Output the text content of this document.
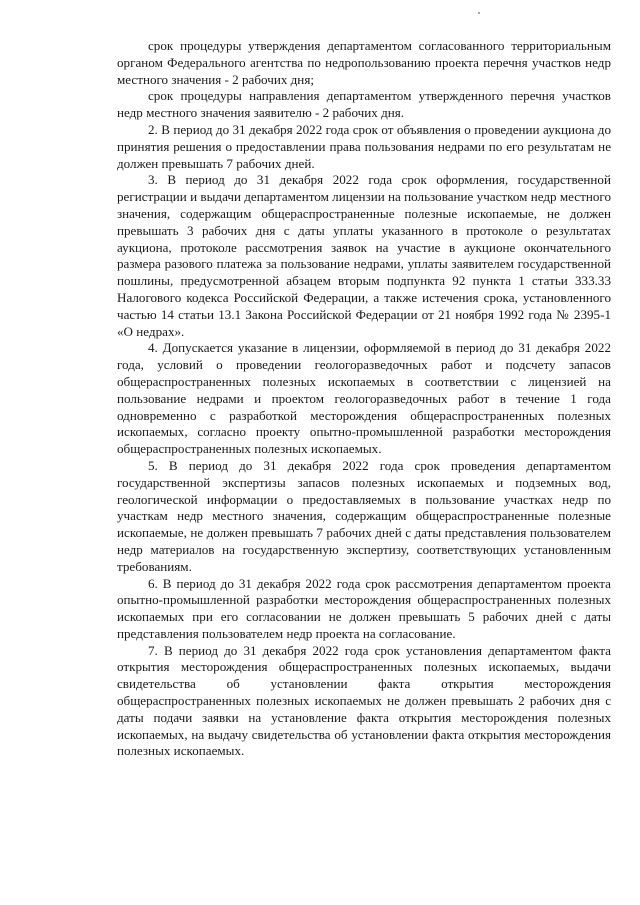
срок процедуры утверждения департаментом согласованного территориальным органом Федерального агентства по недропользованию проекта перечня участков недр местного значения - 2 рабочих дня;

срок процедуры направления департаментом утвержденного перечня участков недр местного значения заявителю - 2 рабочих дня.

2. В период до 31 декабря 2022 года срок от объявления о проведении аукциона до принятия решения о предоставлении права пользования недрами по его результатам не должен превышать 7 рабочих дней.

3. В период до 31 декабря 2022 года срок оформления, государственной регистрации и выдачи департаментом лицензии на пользование участком недр местного значения, содержащим общераспространенные полезные ископаемые, не должен превышать 3 рабочих дня с даты уплаты указанного в протоколе о результатах аукциона, протоколе рассмотрения заявок на участие в аукционе окончательного размера разового платежа за пользование недрами, уплаты заявителем государственной пошлины, предусмотренной абзацем вторым подпункта 92 пункта 1 статьи 333.33 Налогового кодекса Российской Федерации, а также истечения срока, установленного частью 14 статьи 13.1 Закона Российской Федерации от 21 ноября 1992 года № 2395-1 «О недрах».

4. Допускается указание в лицензии, оформляемой в период до 31 декабря 2022 года, условий о проведении геологоразведочных работ и подсчету запасов общераспространенных полезных ископаемых в соответствии с лицензией на пользование недрами и проектом геологоразведочных работ в течение 1 года одновременно с разработкой месторождения общераспространенных полезных ископаемых, согласно проекту опытно-промышленной разработки месторождения общераспространенных полезных ископаемых.

5. В период до 31 декабря 2022 года срок проведения департаментом государственной экспертизы запасов полезных ископаемых и подземных вод, геологической информации о предоставляемых в пользование участках недр по участкам недр местного значения, содержащим общераспространенные полезные ископаемые, не должен превышать 7 рабочих дней с даты представления пользователем недр материалов на государственную экспертизу, соответствующих установленным требованиям.

6. В период до 31 декабря 2022 года срок рассмотрения департаментом проекта опытно-промышленной разработки месторождения общераспространенных полезных ископаемых при его согласовании не должен превышать 5 рабочих дней с даты представления пользователем недр проекта на согласование.

7. В период до 31 декабря 2022 года срок установления департаментом факта открытия месторождения общераспространенных полезных ископаемых, выдачи свидетельства об установлении факта открытия месторождения общераспространенных полезных ископаемых не должен превышать 2 рабочих дня с даты подачи заявки на установление факта открытия месторождения полезных ископаемых, на выдачу свидетельства об установлении факта открытия месторождения полезных ископаемых.
